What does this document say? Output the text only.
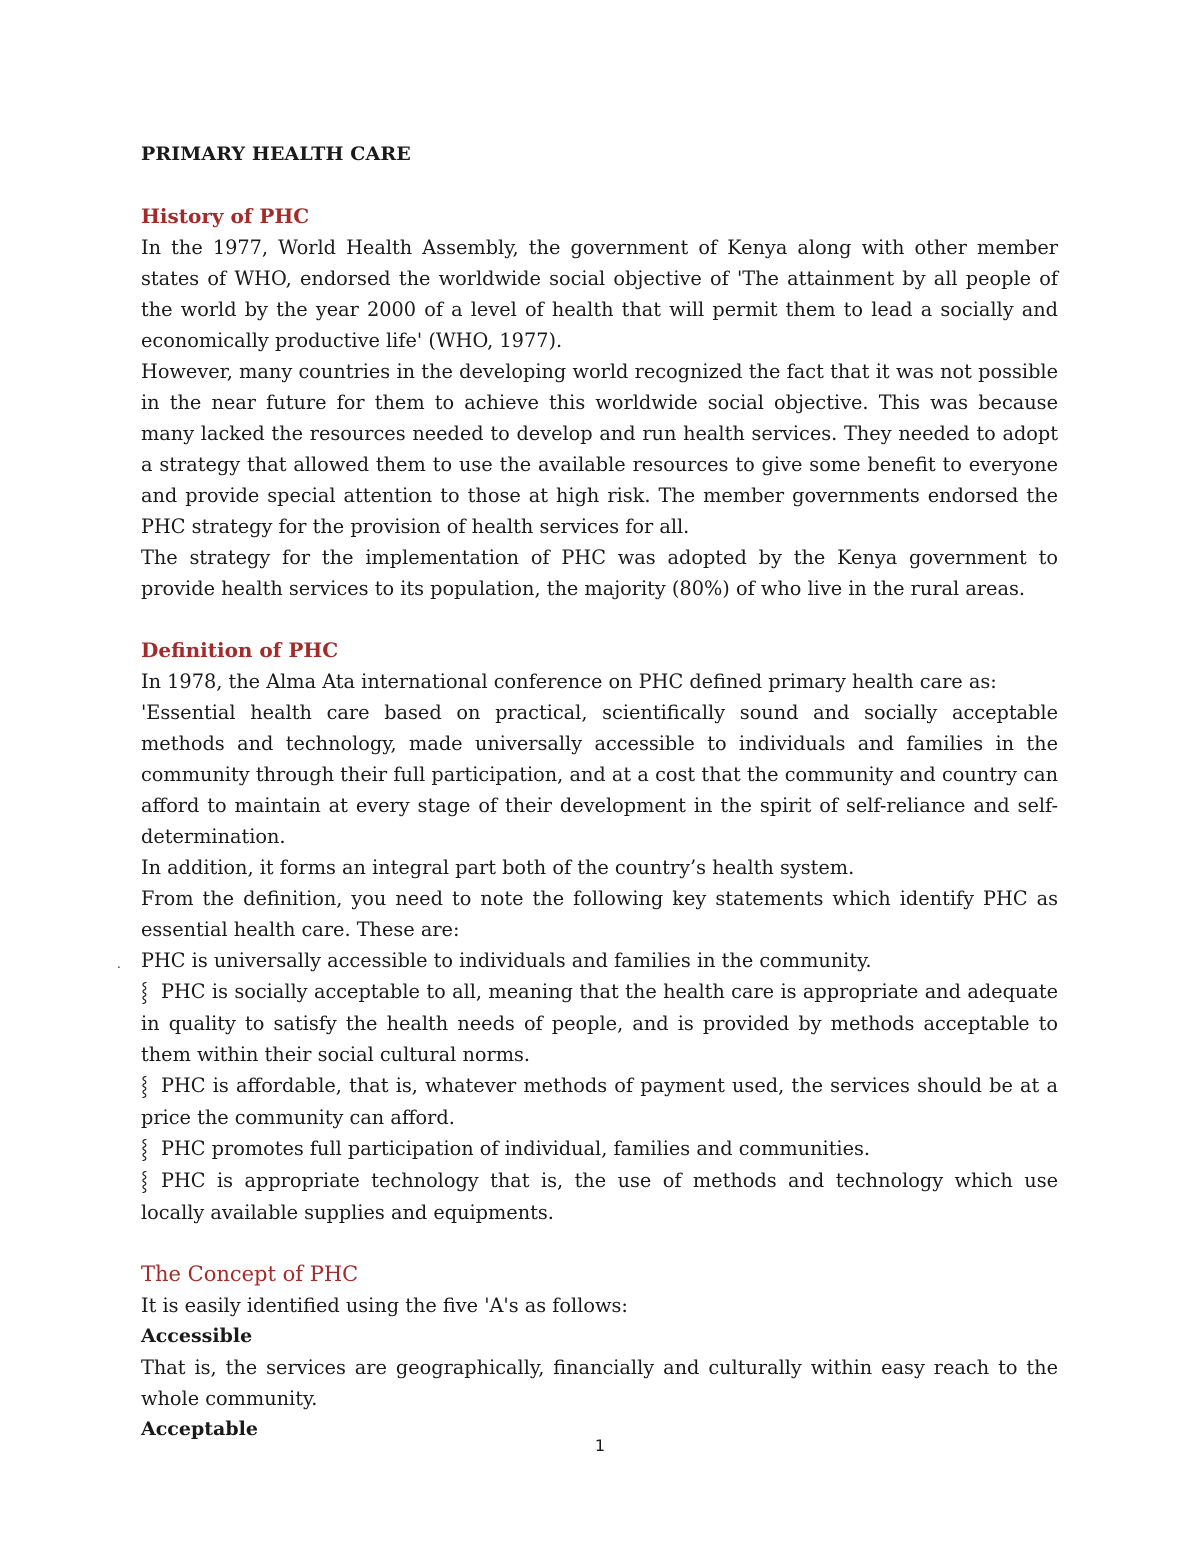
PRIMARY HEALTH CARE
History of PHC

In the 1977, World Health Assembly, the government of Kenya along with other member states of WHO, endorsed the worldwide social objective of 'The attainment by all people of the world by the year 2000 of a level of health that will permit them to lead a socially and economically productive life' (WHO, 1977).

However, many countries in the developing world recognized the fact that it was not possible in the near future for them to achieve this worldwide social objective. This was because many lacked the resources needed to develop and run health services. They needed to adopt a strategy that allowed them to use the available resources to give some benefit to everyone and provide special attention to those at high risk. The member governments endorsed the PHC strategy for the provision of health services for all.

The strategy for the implementation of PHC was adopted by the Kenya government to provide health services to its population, the majority (80%) of who live in the rural areas.

Definition of PHC

In 1978, the Alma Ata international conference on PHC defined primary health care as:

'Essential health care based on practical, scientifically sound and socially acceptable methods and technology, made universally accessible to individuals and families in the community through their full participation, and at a cost that the community and country can afford to maintain at every stage of their development in the spirit of self-reliance and self-determination.

In addition, it forms an integral part both of the country’s health system.

From the definition, you need to note the following key statements which identify PHC as essential health care. These are:

. PHC is universally accessible to individuals and families in the community.

⸾ PHC is socially acceptable to all, meaning that the health care is appropriate and adequate in quality to satisfy the health needs of people, and is provided by methods acceptable to them within their social cultural norms.

⸾ PHC is affordable, that is, whatever methods of payment used, the services should be at a price the community can afford.

⸾ PHC promotes full participation of individual, families and communities.

⸾ PHC is appropriate technology that is, the use of methods and technology which use locally available supplies and equipments.

The Concept of PHC

It is easily identified using the five 'A's as follows:

Accessible

That is, the services are geographically, financially and culturally within easy reach to the whole community.

Acceptable
1
